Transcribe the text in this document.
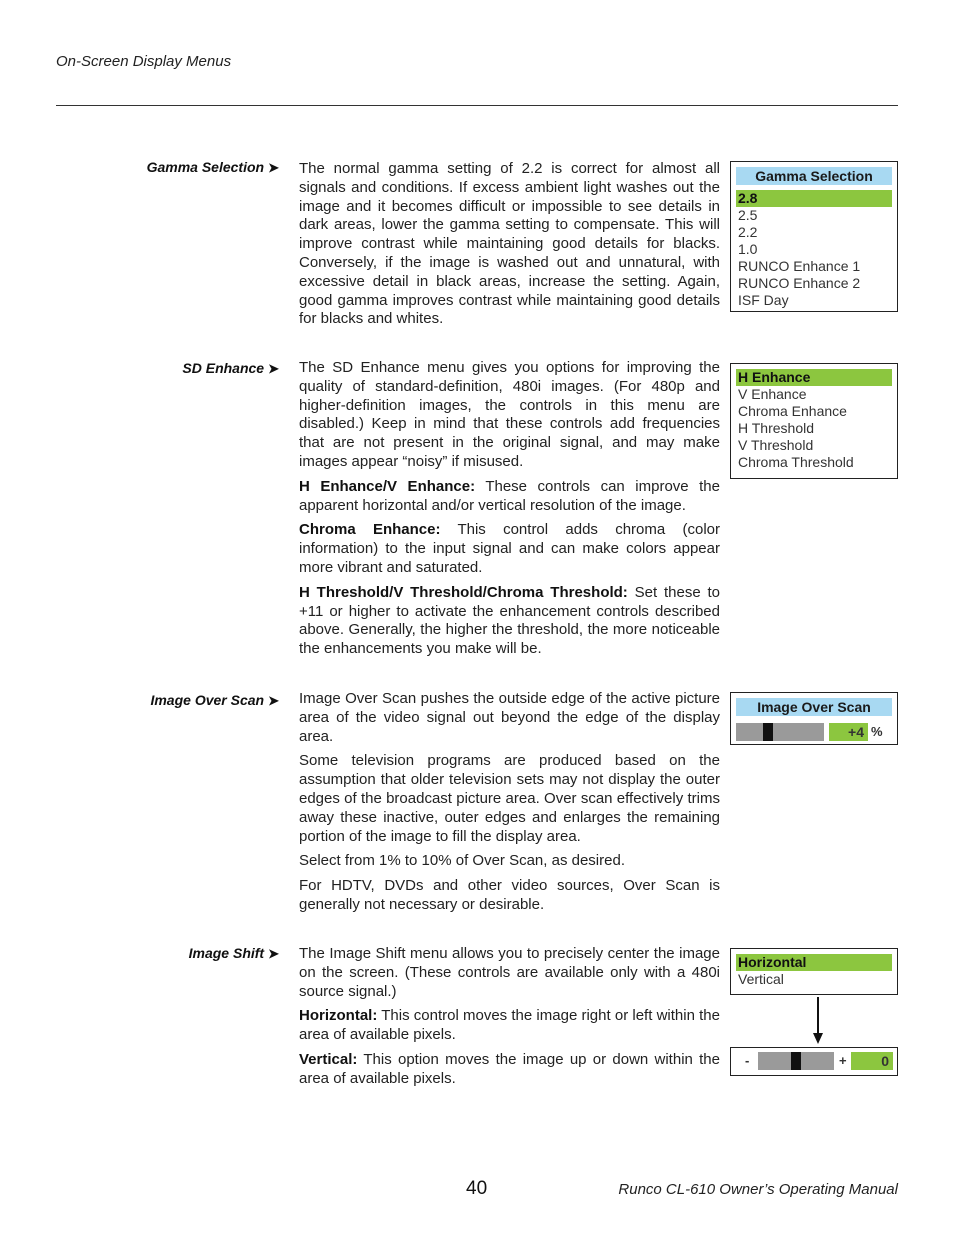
On-Screen Display Menus
Gamma Selection ➤ The normal gamma setting of 2.2 is correct for almost all signals and conditions. If excess ambient light washes out the image and it becomes difficult or impossible to see details in dark areas, lower the gamma setting to compensate. This will improve contrast while maintaining good details for blacks. Conversely, if the image is washed out and unnatural, with excessive detail in black areas, increase the setting. Again, good gamma improves contrast while maintaining good details for blacks and whites.

Gamma Selection
2.8
2.5
2.2
1.0
RUNCO Enhance 1
RUNCO Enhance 2
ISF Day
SD Enhance ➤ The SD Enhance menu gives you options for improving the quality of standard-definition, 480i images. (For 480p and higher-definition images, the controls in this menu are disabled.) Keep in mind that these controls add frequencies that are not present in the original signal, and may make images appear “noisy” if misused.

H Enhance/V Enhance: These controls can improve the apparent horizontal and/or vertical resolution of the image.

Chroma Enhance: This control adds chroma (color information) to the input signal and can make colors appear more vibrant and saturated.

H Threshold/V Threshold/Chroma Threshold: Set these to +11 or higher to activate the enhancement controls described above. Generally, the higher the threshold, the more noticeable the enhancements you make will be.

H Enhance
V Enhance
Chroma Enhance
H Threshold
V Threshold
Chroma Threshold
Image Over Scan ➤ Image Over Scan pushes the outside edge of the active picture area of the video signal out beyond the edge of the display area.

Some television programs are produced based on the assumption that older television sets may not display the outer edges of the broadcast picture area. Over scan effectively trims away these inactive, outer edges and enlarges the remaining portion of the image to fill the display area.

Select from 1% to 10% of Over Scan, as desired.

For HDTV, DVDs and other video sources, Over Scan is generally not necessary or desirable.

Image Over Scan
+4 %
Image Shift ➤ The Image Shift menu allows you to precisely center the image on the screen. (These controls are available only with a 480i source signal.)

Horizontal: This control moves the image right or left within the area of available pixels.

Vertical: This option moves the image up or down within the area of available pixels.

Horizontal
Vertical
-	+	0
40	Runco CL-610 Owner’s Operating Manual
